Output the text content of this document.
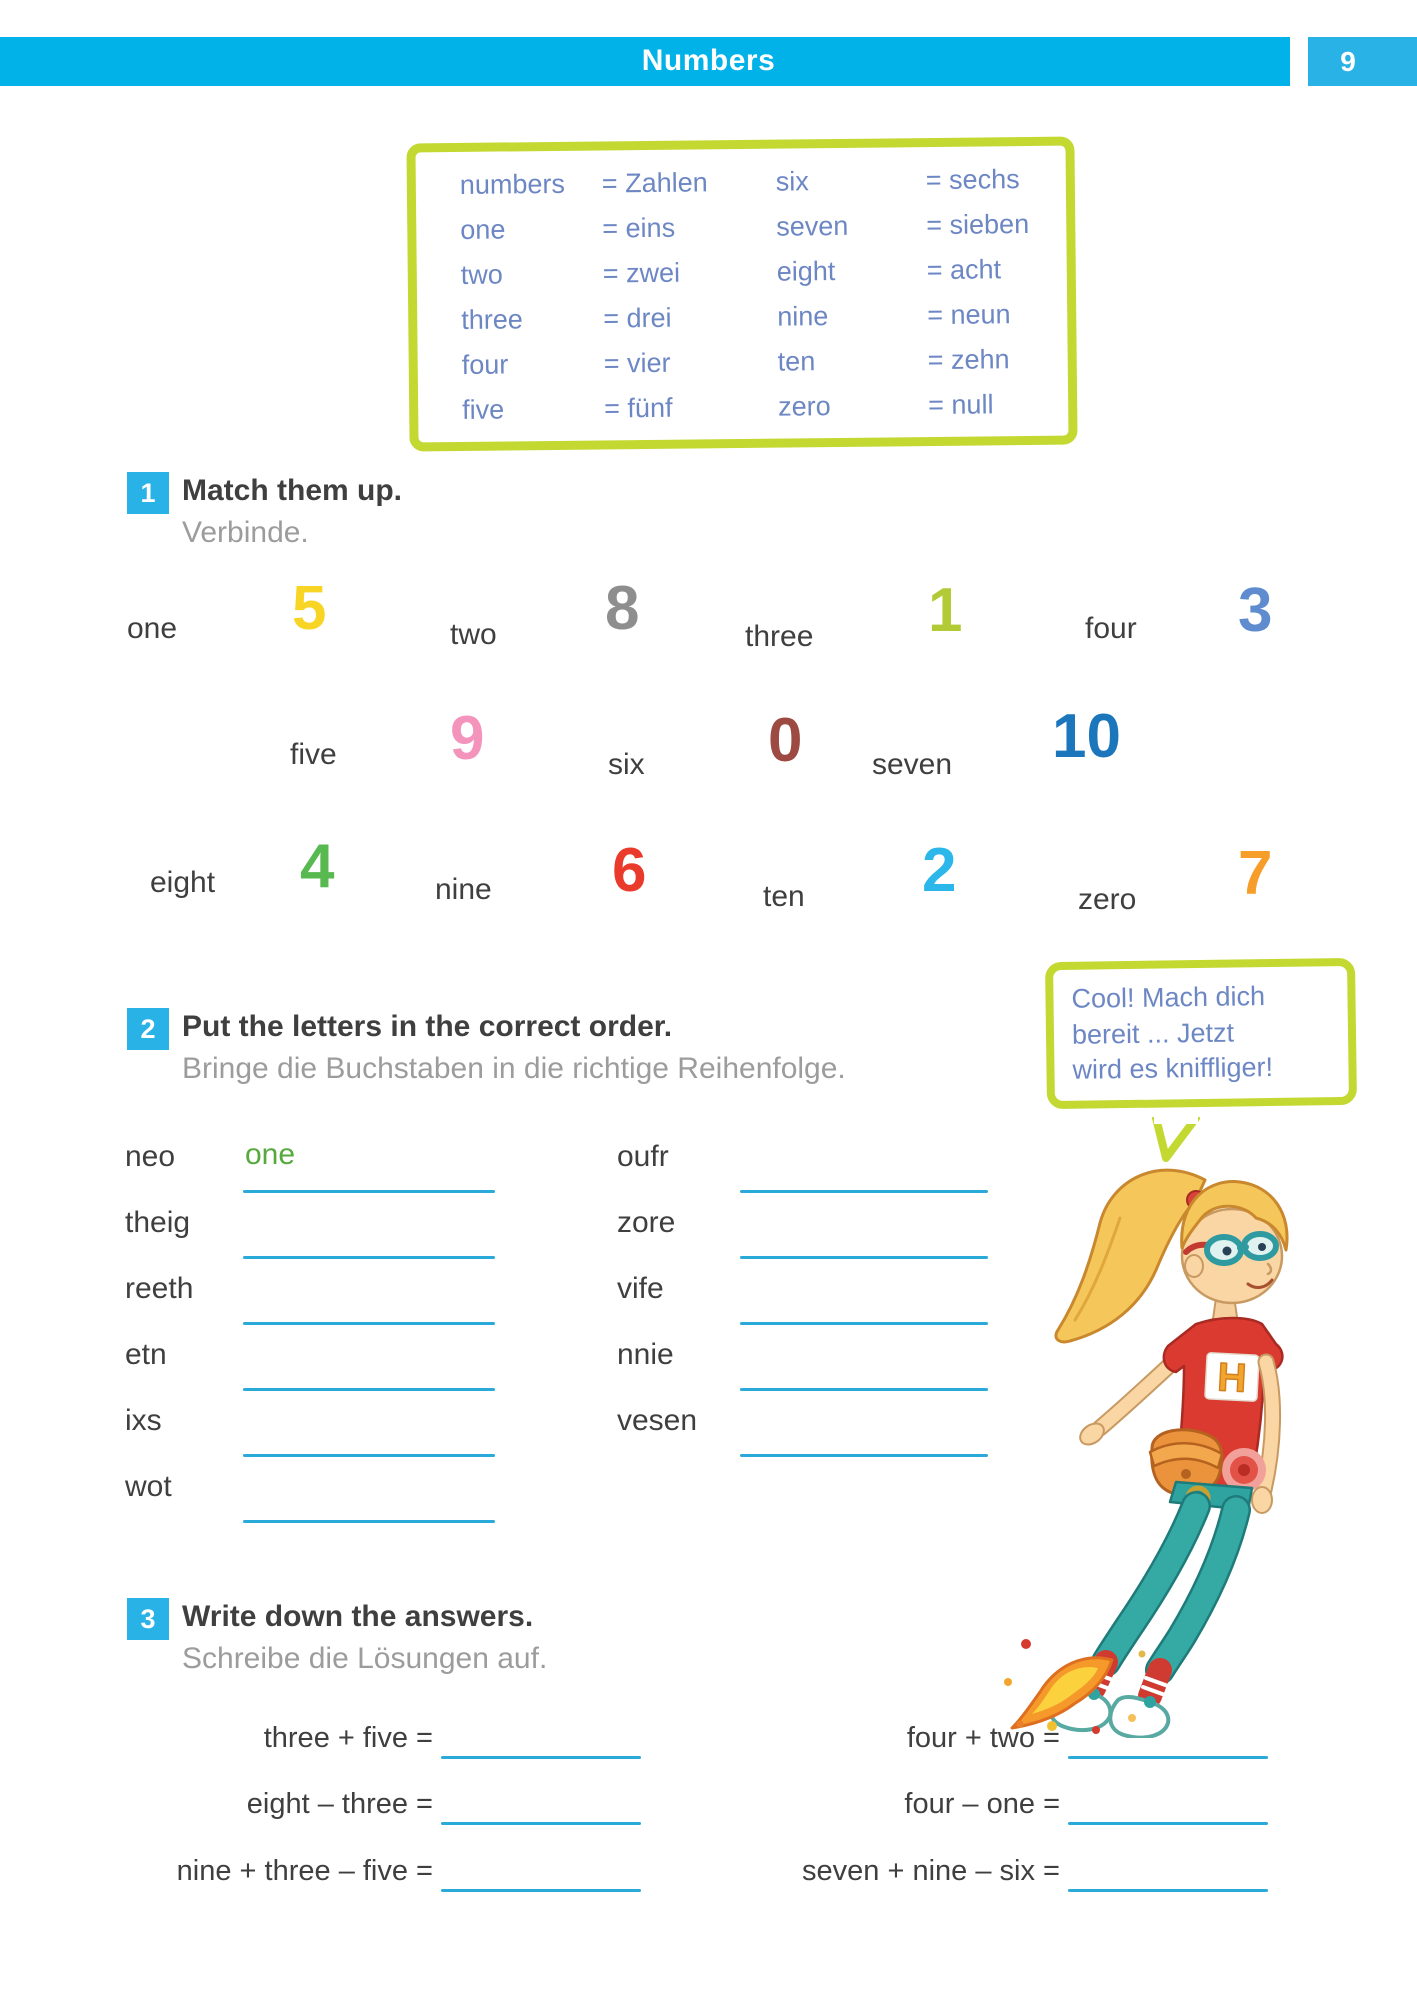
Numbers	9
numbers = Zahlen	six	= sechs
one	= eins	seven	= sieben
two	= zwei	eight	= acht
three	= drei	nine	= neun
four	= vier	ten	= zehn
five	= fünf	zero	= null
1 Match them up.
Verbinde.
one 5	two 8	three 1	four 3
five 9	six 0 seven 10
eight 4	nine 6	ten 2	zero 7
2 Put the letters in the correct order.
Bringe die Buchstaben in die richtige Reihenfolge.
Cool! Mach dich
bereit ... Jetzt
wird es kniffliger!
neo one
theig
reeth
etn
ixs
wot
oufr
zore
vife
nnie
vesen
H
3 Write down the answers.
Schreibe die Lösungen auf.
three + five =
eight – three =
nine + three – five =
four + two =
four – one =
seven + nine – six =
